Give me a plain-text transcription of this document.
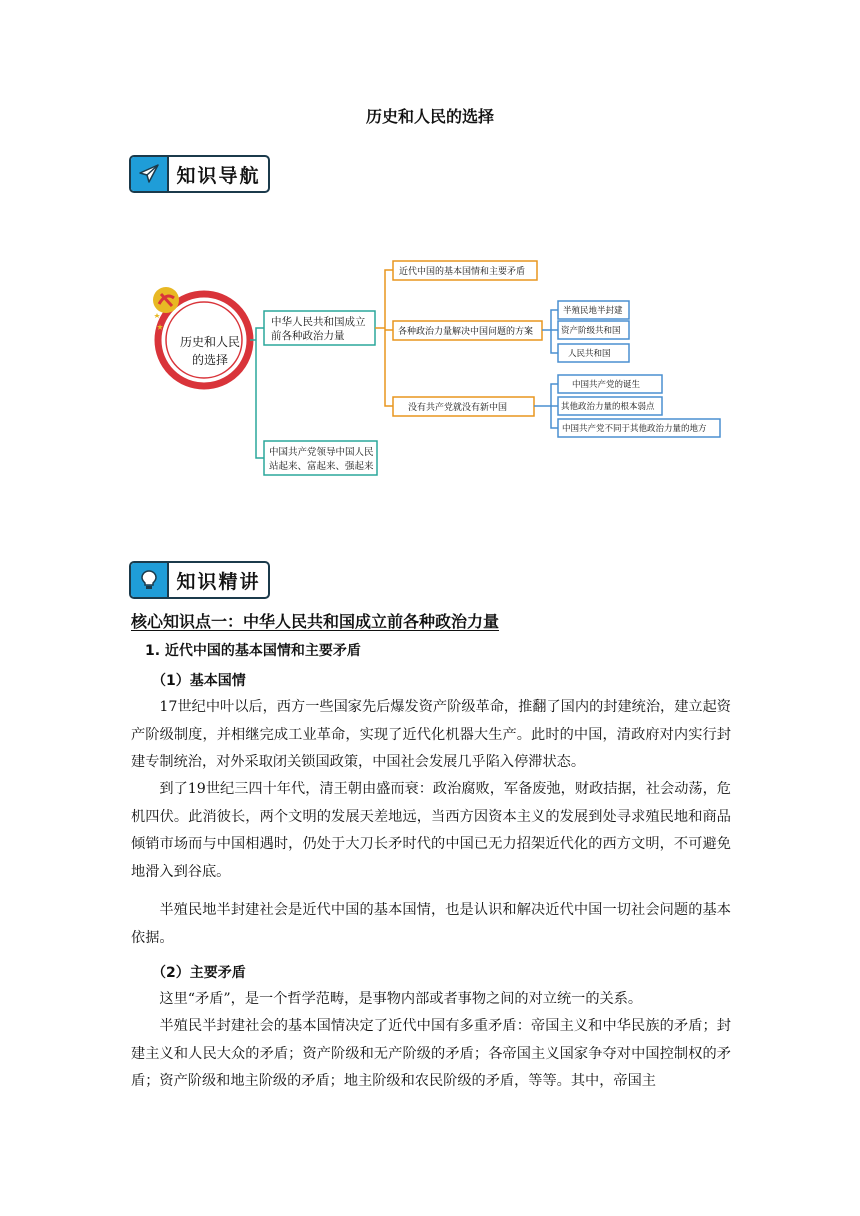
历史和人民的选择
知识导航
历史和人民
的选择
中华人民共和国成立
前各种政治力量
中国共产党领导中国人民
站起来、富起来、强起来
近代中国的基本国情和主要矛盾
各种政治力量解决中国问题的方案
没有共产党就没有新中国
半殖民地半封建
资产阶级共和国
人民共和国
中国共产党的诞生
其他政治力量的根本弱点
中国共产党不同于其他政治力量的地方
知识精讲
核心知识点一：中华人民共和国成立前各种政治力量
1. 近代中国的基本国情和主要矛盾
（1）基本国情

17世纪中叶以后，西方一些国家先后爆发资产阶级革命，推翻了国内的封建统治，建立起资产阶级制度，并相继完成工业革命，实现了近代化机器大生产。此时的中国，清政府对内实行封建专制统治，对外采取闭关锁国政策，中国社会发展几乎陷入停滞状态。

到了19世纪三四十年代，清王朝由盛而衰：政治腐败，军备废弛，财政拮据，社会动荡，危机四伏。此消彼长，两个文明的发展天差地远，当西方因资本主义的发展到处寻求殖民地和商品倾销市场而与中国相遇时，仍处于大刀长矛时代的中国已无力招架近代化的西方文明，不可避免地滑入到谷底。

半殖民地半封建社会是近代中国的基本国情，也是认识和解决近代中国一切社会问题的基本依据。

（2）主要矛盾

这里“矛盾”，是一个哲学范畴，是事物内部或者事物之间的对立统一的关系。

半殖民半封建社会的基本国情决定了近代中国有多重矛盾：帝国主义和中华民族的矛盾；封建主义和人民大众的矛盾；资产阶级和无产阶级的矛盾；各帝国主义国家争夺对中国控制权的矛盾；资产阶级和地主阶级的矛盾；地主阶级和农民阶级的矛盾，等等。其中，帝国主
